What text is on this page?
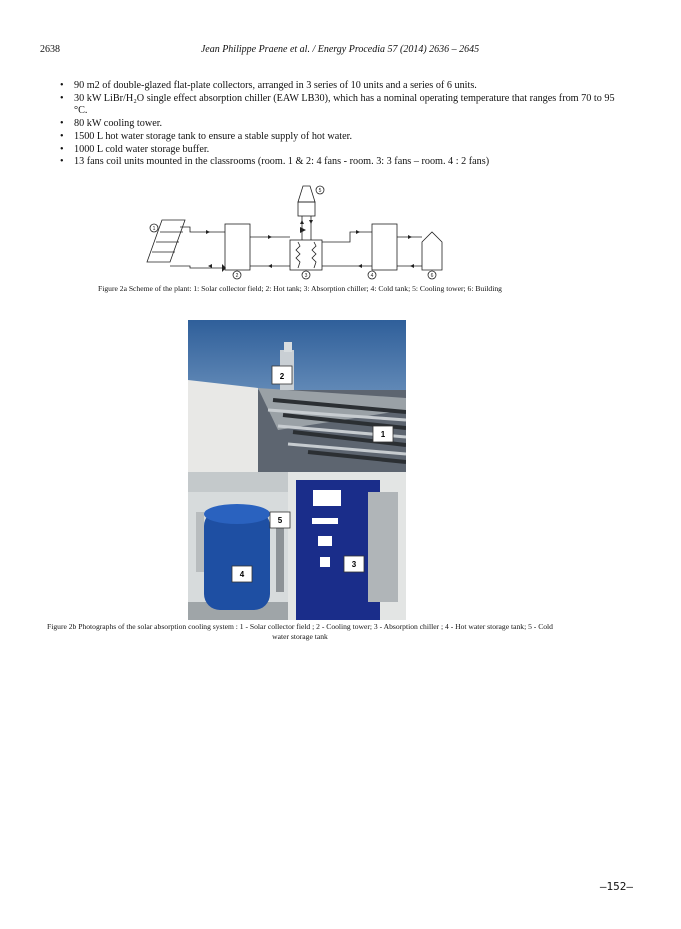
2638	Jean Philippe Praene et al. / Energy Procedia 57 (2014) 2636 – 2645
• 90 m2 of double-glazed flat-plate collectors, arranged in 3 series of 10 units and a series of 6 units.
• 30 kW LiBr/H₂O single effect absorption chiller (EAW LB30), which has a nominal operating temperature that ranges from 70 to 95 °C.
• 80 kW cooling tower.
• 1500 L hot water storage tank to ensure a stable supply of hot water.
• 1000 L cold water storage buffer.
• 13 fans coil units mounted in the classrooms (room. 1 & 2: 4 fans - room. 3: 3 fans – room. 4 : 2 fans)
1
2	3	4
5
6
Figure 2a Scheme of the plant: 1: Solar collector field; 2: Hot tank; 3: Absorption chiller; 4: Cold tank; 5: Cooling tower; 6: Building
2
1
5
4
3
Figure 2b Photographs of the solar absorption cooling system : 1 - Solar collector field ; 2 - Cooling tower; 3 - Absorption chiller ; 4 - Hot water storage tank; 5 - Cold water storage tank
–152–
